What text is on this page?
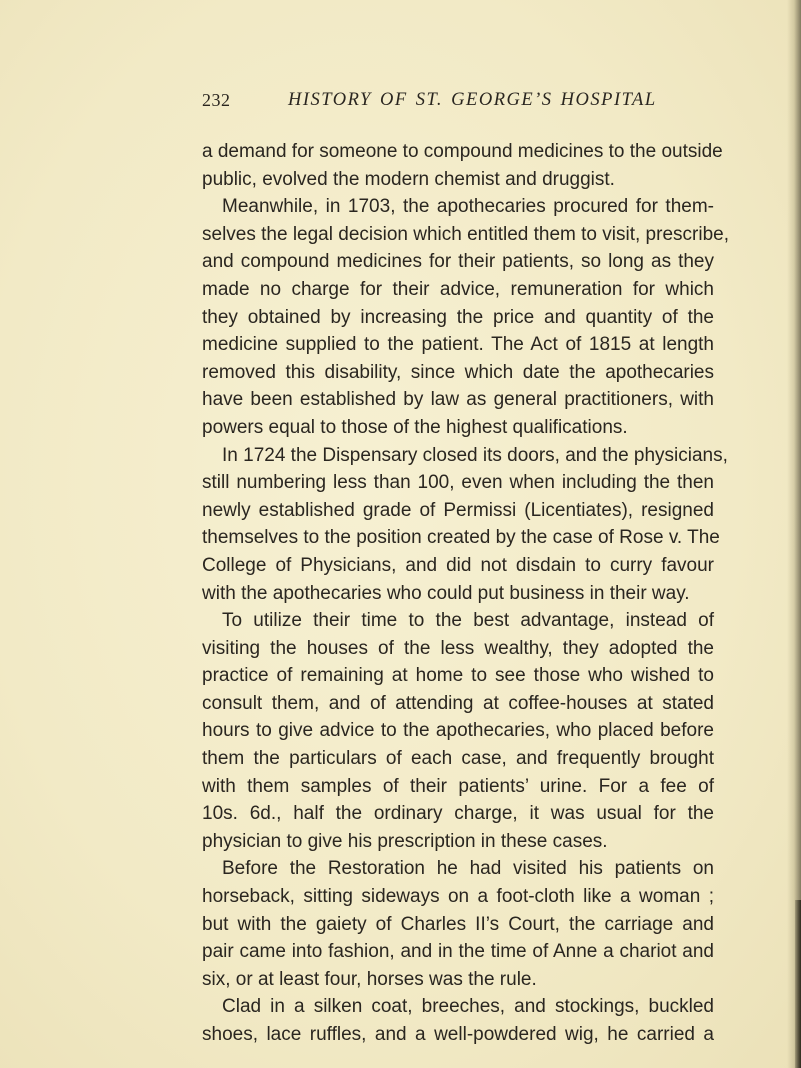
232	HISTORY OF ST. GEORGE’S HOSPITAL
a demand for someone to compound medicines to the outside
public, evolved the modern chemist and druggist.
Meanwhile, in 1703, the apothecaries procured for them-
selves the legal decision which entitled them to visit, prescribe,
and compound medicines for their patients, so long as they
made no charge for their advice, remuneration for which
they obtained by increasing the price and quantity of the
medicine supplied to the patient. The Act of 1815 at length
removed this disability, since which date the apothecaries
have been established by law as general practitioners, with
powers equal to those of the highest qualifications.
In 1724 the Dispensary closed its doors, and the physicians,
still numbering less than 100, even when including the then
newly established grade of Permissi (Licentiates), resigned
themselves to the position created by the case of Rose v. The
College of Physicians, and did not disdain to curry favour
with the apothecaries who could put business in their way.
To utilize their time to the best advantage, instead of
visiting the houses of the less wealthy, they adopted the
practice of remaining at home to see those who wished to
consult them, and of attending at coffee-houses at stated
hours to give advice to the apothecaries, who placed before
them the particulars of each case, and frequently brought
with them samples of their patients’ urine. For a fee of
10s. 6d., half the ordinary charge, it was usual for the
physician to give his prescription in these cases.
Before the Restoration he had visited his patients on
horseback, sitting sideways on a foot-cloth like a woman ;
but with the gaiety of Charles II’s Court, the carriage and
pair came into fashion, and in the time of Anne a chariot and
six, or at least four, horses was the rule.
Clad in a silken coat, breeches, and stockings, buckled
shoes, lace ruffles, and a well-powdered wig, he carried a
